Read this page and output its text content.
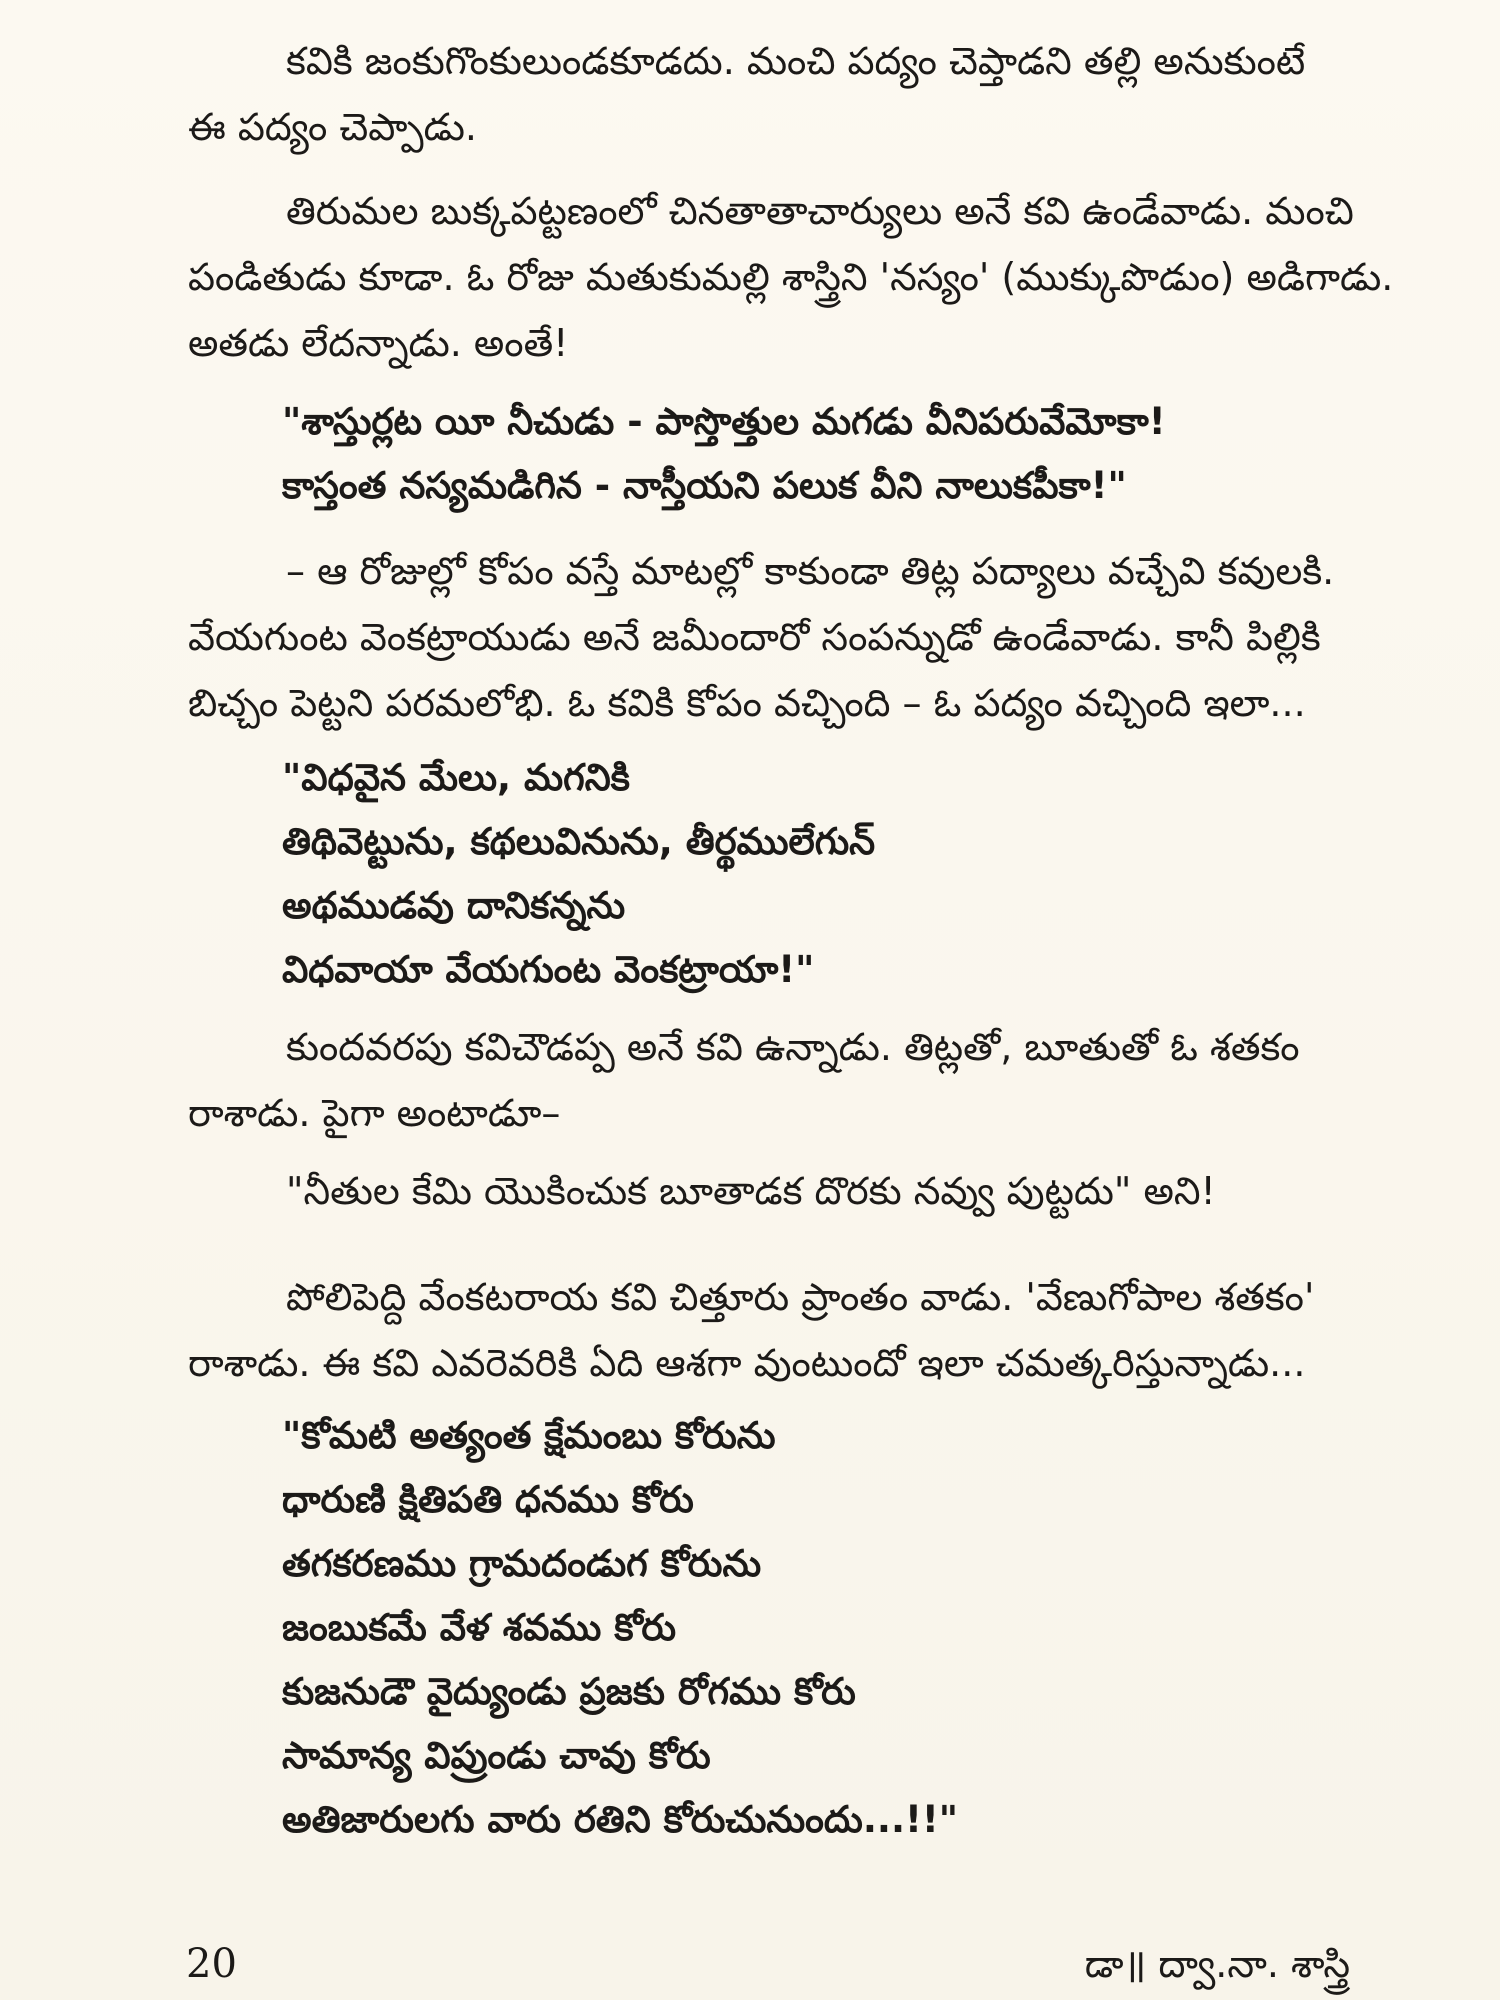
కవికి జంకుగొంకులుండకూడదు. మంచి పద్యం చెప్తాడని తల్లి అనుకుంటే
ఈ పద్యం చెప్పాడు.

తిరుమల బుక్కపట్టణంలో చినతాతాచార్యులు అనే కవి ఉండేవాడు. మంచి
పండితుడు కూడా. ఓ రోజు మతుకుమల్లి శాస్త్రిని 'నస్యం' (ముక్కుపొడుం) అడిగాడు.
అతడు లేదన్నాడు. అంతే!

"శాస్తుర్లట యీ నీచుడు - పాస్తొత్తుల మగడు వీనిపరువేమోకా!
కాస్తంత నస్యమడిగిన - నాస్తీయని పలుక వీని నాలుకపీకా!"

– ఆ రోజుల్లో కోపం వస్తే మాటల్లో కాకుండా తిట్ల పద్యాలు వచ్చేవి కవులకి.
వేయగుంట వెంకట్రాయుడు అనే జమీందారో సంపన్నుడో ఉండేవాడు. కానీ పిల్లికి
బిచ్చం పెట్టని పరమలోభి. ఓ కవికి కోపం వచ్చింది – ఓ పద్యం వచ్చింది ఇలా...

"విధవైన మేలు, మగనికి
తిథివెట్టును, కథలువినును, తీర్థములేగున్
అథముడవు దానికన్నను
విధవాయా వేయగుంట వెంకట్రాయా!"

కుందవరపు కవిచౌడప్ప అనే కవి ఉన్నాడు. తిట్లతో, బూతుతో ఓ శతకం
రాశాడు. పైగా అంటాడూ–

"నీతుల కేమి యొకించుక బూతాడక దొరకు నవ్వు పుట్టదు" అని!

పోలిపెద్ది వేంకటరాయ కవి చిత్తూరు ప్రాంతం వాడు. 'వేణుగోపాల శతకం'
రాశాడు. ఈ కవి ఎవరెవరికి ఏది ఆశగా వుంటుందో ఇలా చమత్కరిస్తున్నాడు...

"కోమటి అత్యంత క్షేమంబు కోరును
ధారుణి క్షితిపతి ధనము కోరు
తగకరణము గ్రామదండుగ కోరును
జంబుకమే వేళ శవము కోరు
కుజనుడౌ వైద్యుండు ప్రజకు రోగము కోరు
సామాన్య విప్రుండు చావు కోరు
అతిజారులగు వారు రతిని కోరుచునుందు...!!"

20	డా॥ ద్వా.నా. శాస్త్రి
